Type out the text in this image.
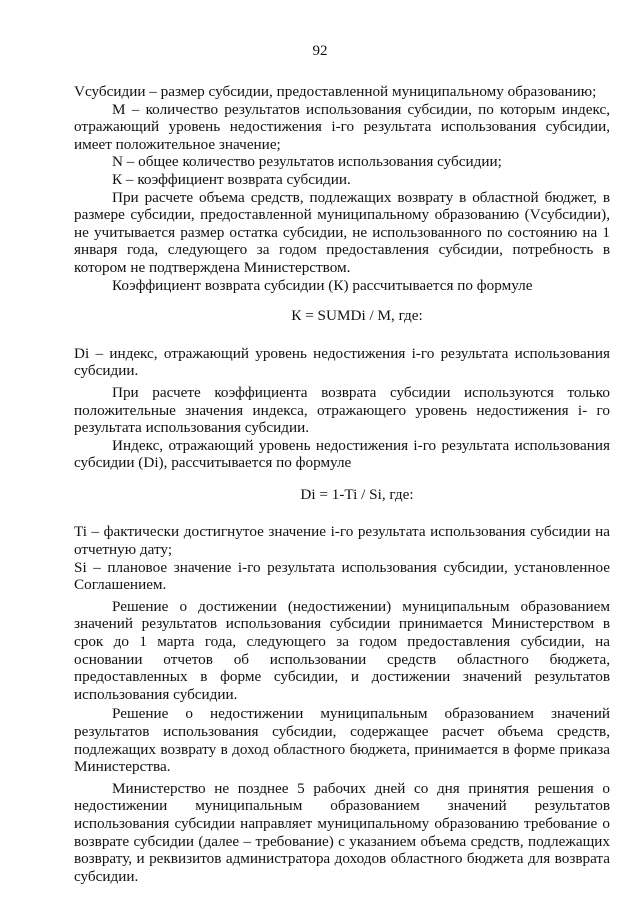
92

Vсубсидии – размер субсидии, предоставленной муниципальному образованию;

М – количество результатов использования субсидии, по которым индекс, отражающий уровень недостижения i-го результата использования субсидии, имеет положительное значение;

N – общее количество результатов использования субсидии;

К – коэффициент возврата субсидии.

При расчете объема средств, подлежащих возврату в областной бюджет, в размере субсидии, предоставленной муниципальному образованию (Vсубсидии), не учитывается размер остатка субсидии, не использованного по состоянию на 1 января года, следующего за годом предоставления субсидии, потребность в котором не подтверждена Министерством.

Коэффициент возврата субсидии (К) рассчитывается по формуле

К = SUMDi / М, где:

Di – индекс, отражающий уровень недостижения i-го результата использования субсидии.

При расчете коэффициента возврата субсидии используются только положительные значения индекса, отражающего уровень недостижения i- го результата использования субсидии.

Индекс, отражающий уровень недостижения i-го результата использования субсидии (Di), рассчитывается по формуле

Di = 1-Ti / Si, где:

Ti – фактически достигнутое значение i-го результата использования субсидии на отчетную дату;

Si – плановое значение i-го результата использования субсидии, установленное Соглашением.

Решение о достижении (недостижении) муниципальным образованием значений результатов использования субсидии принимается Министерством в срок до 1 марта года, следующего за годом предоставления субсидии, на основании отчетов об использовании средств областного бюджета, предоставленных в форме субсидии, и достижении значений результатов использования субсидии.

Решение о недостижении муниципальным образованием значений результатов использования субсидии, содержащее расчет объема средств, подлежащих возврату в доход областного бюджета, принимается в форме приказа Министерства.

Министерство не позднее 5 рабочих дней со дня принятия решения о недостижении муниципальным образованием значений результатов использования субсидии направляет муниципальному образованию требование о возврате субсидии (далее – требование) с указанием объема средств, подлежащих возврату, и реквизитов администратора доходов областного бюджета для возврата субсидии.
